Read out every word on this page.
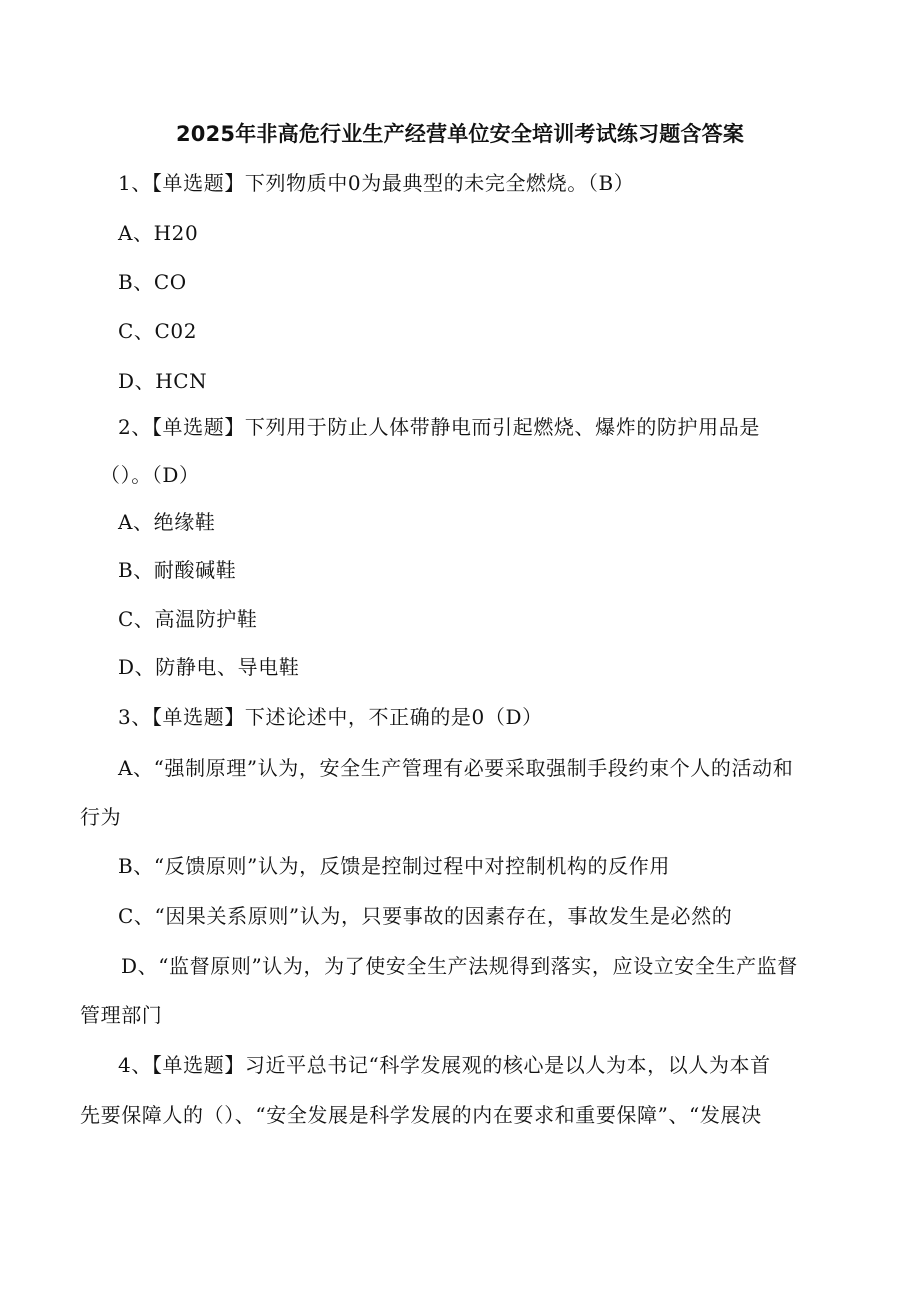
2025年非高危行业生产经营单位安全培训考试练习题含答案
1、【单选题】下列物质中0为最典型的未完全燃烧。（B）
A、H20
B、CO
C、C02
D、HCN
2、【单选题】下列用于防止人体带静电而引起燃烧、爆炸的防护用品是
（）。（D）
A、绝缘鞋
B、耐酸碱鞋
C、高温防护鞋
D、防静电、导电鞋
3、【单选题】下述论述中，不正确的是0（D）
A、“强制原理”认为，安全生产管理有必要采取强制手段约束个人的活动和
行为
B、“反馈原则”认为，反馈是控制过程中对控制机构的反作用
C、“因果关系原则”认为，只要事故的因素存在，事故发生是必然的
D、“监督原则”认为，为了使安全生产法规得到落实，应设立安全生产监督
管理部门
4、【单选题】习近平总书记“科学发展观的核心是以人为本，以人为本首
先要保障人的（）、“安全发展是科学发展的内在要求和重要保障”、“发展决
